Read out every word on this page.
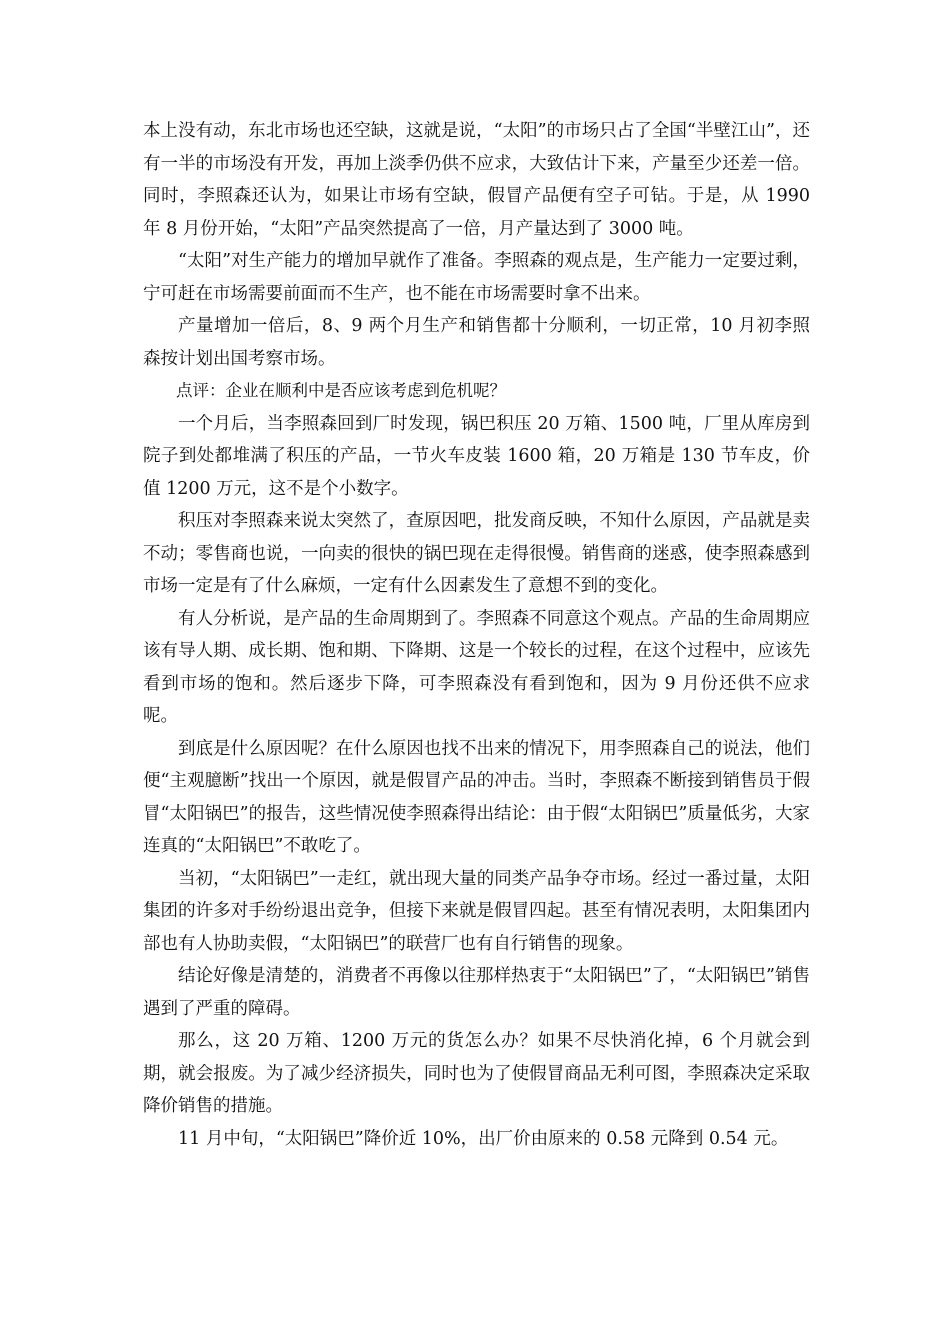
本上没有动，东北市场也还空缺，这就是说，“太阳”的市场只占了全国“半壁江山”，还有一半的市场没有开发，再加上淡季仍供不应求，大致估计下来，产量至少还差一倍。同时，李照森还认为，如果让市场有空缺，假冒产品便有空子可钻。于是，从 1990 年 8 月份开始，“太阳”产品突然提高了一倍，月产量达到了 3000 吨。

“太阳”对生产能力的增加早就作了准备。李照森的观点是，生产能力一定要过剩，宁可赶在市场需要前面而不生产，也不能在市场需要时拿不出来。

产量增加一倍后，8、9 两个月生产和销售都十分顺利，一切正常，10 月初李照森按计划出国考察市场。

点评：企业在顺利中是否应该考虑到危机呢？

一个月后，当李照森回到厂时发现，锅巴积压 20 万箱、1500 吨，厂里从库房到院子到处都堆满了积压的产品，一节火车皮装 1600 箱，20 万箱是 130 节车皮，价值 1200 万元，这不是个小数字。

积压对李照森来说太突然了，查原因吧，批发商反映，不知什么原因，产品就是卖不动；零售商也说，一向卖的很快的锅巴现在走得很慢。销售商的迷惑，使李照森感到市场一定是有了什么麻烦，一定有什么因素发生了意想不到的变化。

有人分析说，是产品的生命周期到了。李照森不同意这个观点。产品的生命周期应该有导人期、成长期、饱和期、下降期、这是一个较长的过程，在这个过程中，应该先看到市场的饱和。然后逐步下降，可李照森没有看到饱和，因为 9 月份还供不应求呢。

到底是什么原因呢？在什么原因也找不出来的情况下，用李照森自己的说法，他们便“主观臆断”找出一个原因，就是假冒产品的冲击。当时，李照森不断接到销售员于假冒“太阳锅巴”的报告，这些情况使李照森得出结论：由于假“太阳锅巴”质量低劣，大家连真的“太阳锅巴”不敢吃了。

当初，“太阳锅巴”一走红，就出现大量的同类产品争夺市场。经过一番过量，太阳集团的许多对手纷纷退出竞争，但接下来就是假冒四起。甚至有情况表明，太阳集团内部也有人协助卖假，“太阳锅巴”的联营厂也有自行销售的现象。

结论好像是清楚的，消费者不再像以往那样热衷于“太阳锅巴”了，“太阳锅巴”销售遇到了严重的障碍。

那么，这 20 万箱、1200 万元的货怎么办？如果不尽快消化掉，6 个月就会到期，就会报废。为了减少经济损失，同时也为了使假冒商品无利可图，李照森决定采取降价销售的措施。

11 月中旬，“太阳锅巴”降价近 10%，出厂价由原来的 0.58 元降到 0.54 元。
